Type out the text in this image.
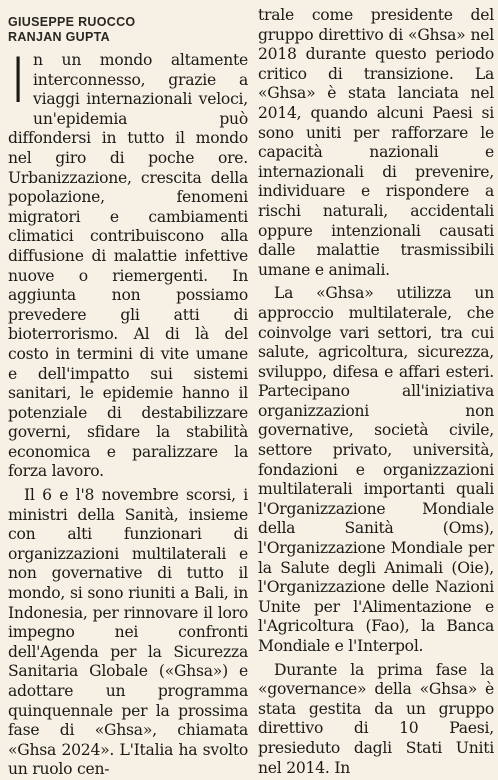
GIUSEPPE RUOCCO
RANJAN GUPTA
I n un mondo altamente interconnesso, grazie a viaggi internazionali veloci, un'epidemia può diffondersi in tutto il mondo nel giro di poche ore. Urbanizzazione, crescita della popolazione, fenomeni migratori e cambiamenti climatici contribuiscono alla diffusione di malattie infettive nuove o riemergenti. In aggiunta non possiamo prevedere gli atti di bioterrorismo. Al di là del costo in termini di vite umane e dell'impatto sui sistemi sanitari, le epidemie hanno il potenziale di destabilizzare governi, sfidare la stabilità economica e paralizzare la forza lavoro.

Il 6 e l'8 novembre scorsi, i ministri della Sanità, insieme con alti funzionari di organizzazioni multilaterali e non governative di tutto il mondo, si sono riuniti a Bali, in Indonesia, per rinnovare il loro impegno nei confronti dell'Agenda per la Sicurezza Sanitaria Globale («Ghsa») e adottare un programma quinquennale per la prossima fase di «Ghsa», chiamata «Ghsa 2024». L'Italia ha svolto un ruolo cen-

trale come presidente del gruppo direttivo di «Ghsa» nel 2018 durante questo periodo critico di transizione. La «Ghsa» è stata lanciata nel 2014, quando alcuni Paesi si sono uniti per rafforzare le capacità nazionali e internazionali di prevenire, individuare e rispondere a rischi naturali, accidentali oppure intenzionali causati dalle malattie trasmissibili umane e animali.

La «Ghsa» utilizza un approccio multilaterale, che coinvolge vari settori, tra cui salute, agricoltura, sicurezza, sviluppo, difesa e affari esteri. Partecipano all'iniziativa organizzazioni non governative, società civile, settore privato, università, fondazioni e organizzazioni multilaterali importanti quali l'Organizzazione Mondiale della Sanità (Oms), l'Organizzazione Mondiale per la Salute degli Animali (Oie), l'Organizzazione delle Nazioni Unite per l'Alimentazione e l'Agricoltura (Fao), la Banca Mondiale e l'Interpol.

Durante la prima fase la «governance» della «Ghsa» è stata gestita da un gruppo direttivo di 10 Paesi, presieduto dagli Stati Uniti nel 2014. In
